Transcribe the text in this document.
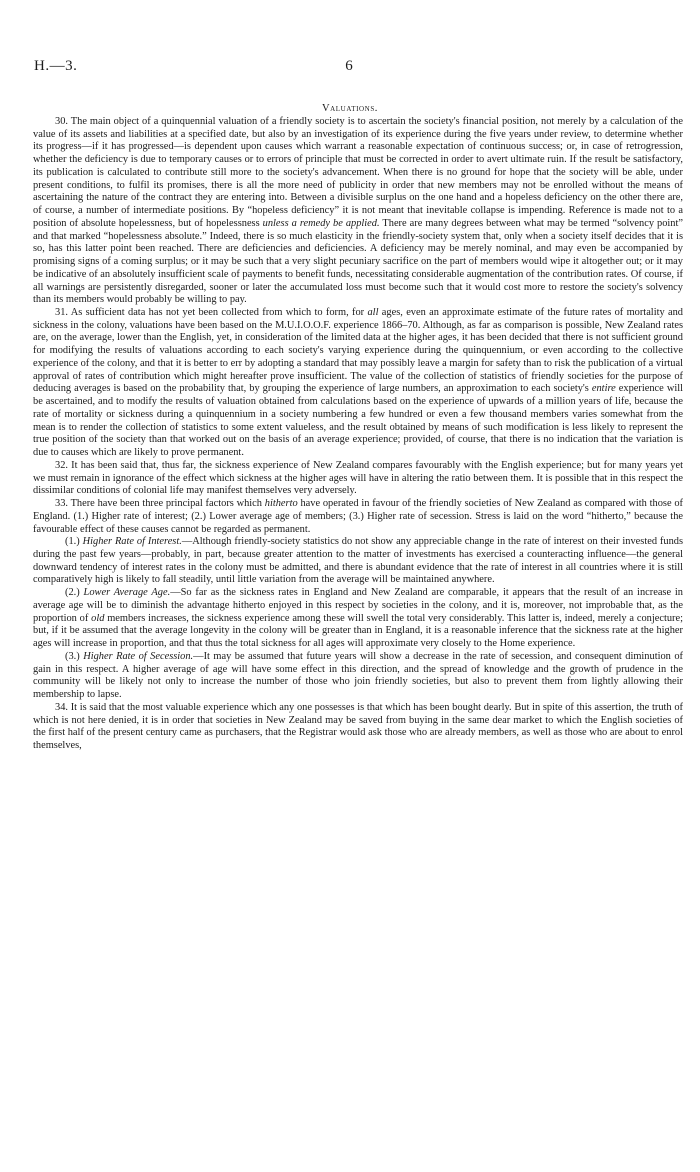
H.—3.	6
Valuations.

30. The main object of a quinquennial valuation of a friendly society is to ascertain the society's financial position, not merely by a calculation of the value of its assets and liabilities at a specified date, but also by an investigation of its experience during the five years under review, to determine whether its progress—if it has progressed—is dependent upon causes which warrant a reasonable expectation of continuous success; or, in case of retrogression, whether the deficiency is due to temporary causes or to errors of principle that must be corrected in order to avert ultimate ruin. If the result be satisfactory, its publication is calculated to contribute still more to the society's advancement. When there is no ground for hope that the society will be able, under present conditions, to fulfil its promises, there is all the more need of publicity in order that new members may not be enrolled without the means of ascertaining the nature of the contract they are entering into. Between a divisible surplus on the one hand and a hopeless deficiency on the other there are, of course, a number of intermediate positions. By “hopeless deficiency” it is not meant that inevitable collapse is impending. Reference is made not to a position of absolute hopelessness, but of hopelessness unless a remedy be applied. There are many degrees between what may be termed “solvency point” and that marked “hopelessness absolute.” Indeed, there is so much elasticity in the friendly-society system that, only when a society itself decides that it is so, has this latter point been reached. There are deficiencies and deficiencies. A deficiency may be merely nominal, and may even be accompanied by promising signs of a coming surplus; or it may be such that a very slight pecuniary sacrifice on the part of members would wipe it altogether out; or it may be indicative of an absolutely insufficient scale of payments to benefit funds, necessitating considerable augmentation of the contribution rates. Of course, if all warnings are persistently disregarded, sooner or later the accumulated loss must become such that it would cost more to restore the society's solvency than its members would probably be willing to pay.

31. As sufficient data has not yet been collected from which to form, for all ages, even an approximate estimate of the future rates of mortality and sickness in the colony, valuations have been based on the M.U.I.O.O.F. experience 1866–70. Although, as far as comparison is possible, New Zealand rates are, on the average, lower than the English, yet, in consideration of the limited data at the higher ages, it has been decided that there is not sufficient ground for modifying the results of valuations according to each society's varying experience during the quinquennium, or even according to the collective experience of the colony, and that it is better to err by adopting a standard that may possibly leave a margin for safety than to risk the publication of a virtual approval of rates of contribution which might hereafter prove insufficient. The value of the collection of statistics of friendly societies for the purpose of deducing averages is based on the probability that, by grouping the experience of large numbers, an approximation to each society's entire experience will be ascertained, and to modify the results of valuation obtained from calculations based on the experience of upwards of a million years of life, because the rate of mortality or sickness during a quinquennium in a society numbering a few hundred or even a few thousand members varies somewhat from the mean is to render the collection of statistics to some extent valueless, and the result obtained by means of such modification is less likely to represent the true position of the society than that worked out on the basis of an average experience; provided, of course, that there is no indication that the variation is due to causes which are likely to prove permanent.

32. It has been said that, thus far, the sickness experience of New Zealand compares favourably with the English experience; but for many years yet we must remain in ignorance of the effect which sickness at the higher ages will have in altering the ratio between them. It is possible that in this respect the dissimilar conditions of colonial life may manifest themselves very adversely.

33. There have been three principal factors which hitherto have operated in favour of the friendly societies of New Zealand as compared with those of England. (1.) Higher rate of interest; (2.) Lower average age of members; (3.) Higher rate of secession. Stress is laid on the word “hitherto,” because the favourable effect of these causes cannot be regarded as permanent.

(1.) Higher Rate of Interest.—Although friendly-society statistics do not show any appreciable change in the rate of interest on their invested funds during the past few years—probably, in part, because greater attention to the matter of investments has exercised a counteracting influence—the general downward tendency of interest rates in the colony must be admitted, and there is abundant evidence that the rate of interest in all countries where it is still comparatively high is likely to fall steadily, until little variation from the average will be maintained anywhere.

(2.) Lower Average Age.—So far as the sickness rates in England and New Zealand are comparable, it appears that the result of an increase in average age will be to diminish the advantage hitherto enjoyed in this respect by societies in the colony, and it is, moreover, not improbable that, as the proportion of old members increases, the sickness experience among these will swell the total very considerably. This latter is, indeed, merely a conjecture; but, if it be assumed that the average longevity in the colony will be greater than in England, it is a reasonable inference that the sickness rate at the higher ages will increase in proportion, and that thus the total sickness for all ages will approximate very closely to the Home experience.

(3.) Higher Rate of Secession.—It may be assumed that future years will show a decrease in the rate of secession, and consequent diminution of gain in this respect. A higher average of age will have some effect in this direction, and the spread of knowledge and the growth of prudence in the community will be likely not only to increase the number of those who join friendly societies, but also to prevent them from lightly allowing their membership to lapse.

34. It is said that the most valuable experience which any one possesses is that which has been bought dearly. But in spite of this assertion, the truth of which is not here denied, it is in order that societies in New Zealand may be saved from buying in the same dear market to which the English societies of the first half of the present century came as purchasers, that the Registrar would ask those who are already members, as well as those who are about to enrol themselves,
